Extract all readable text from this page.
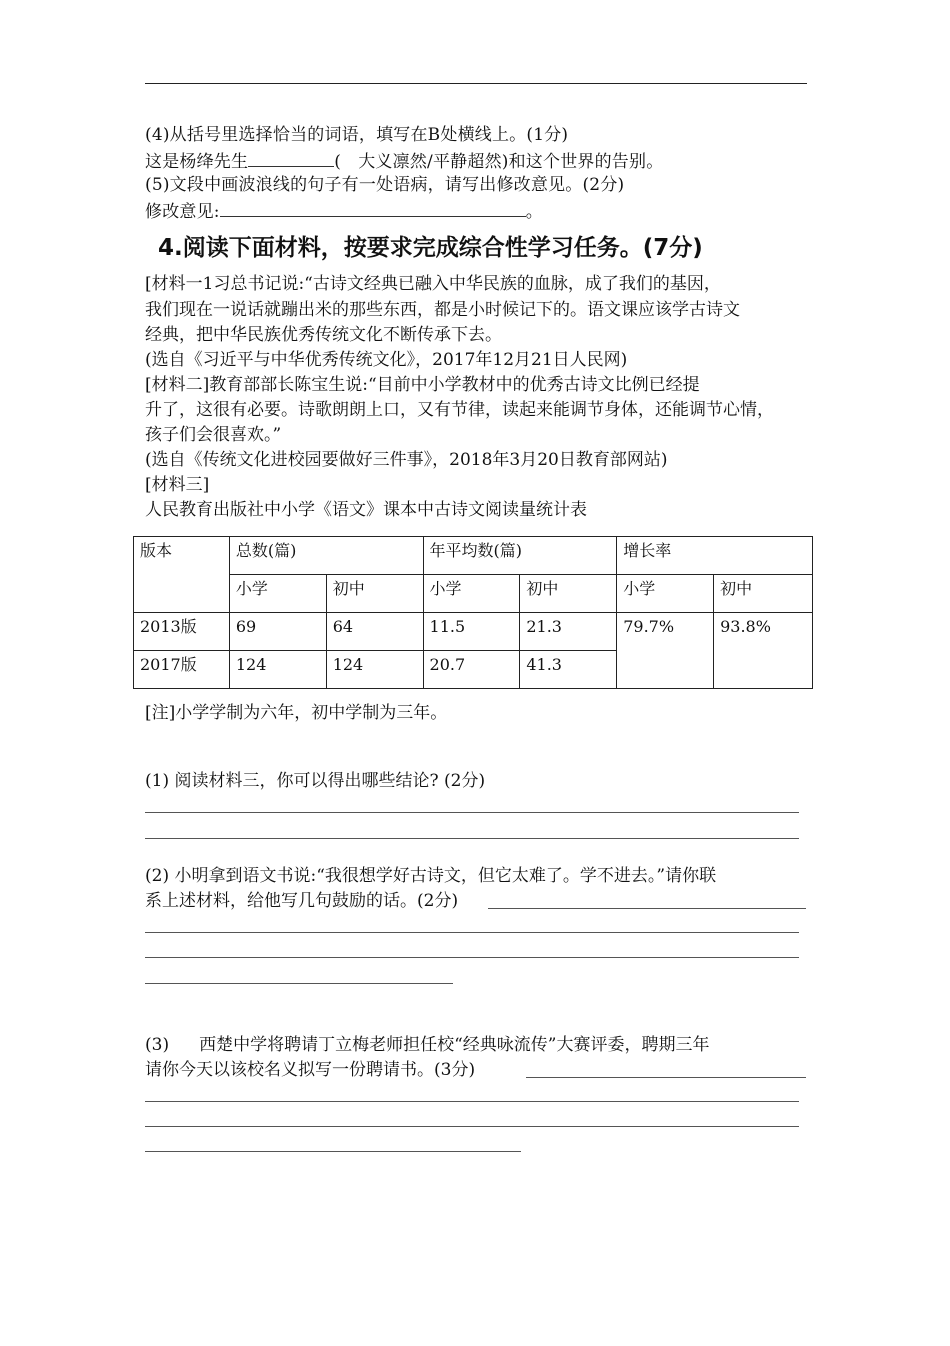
(4)从括号里选择恰当的词语，填写在B处横线上。(1分)
这是杨绛先生	(　大义凛然/平静超然)和这个世界的告别。
(5)文段中画波浪线的句子有一处语病，请写出修改意见。(2分)
修改意见:	。
4.阅读下面材料，按要求完成综合性学习任务。(7分)
[材料一1习总书记说:“古诗文经典已融入中华民族的血脉，成了我们的基因，
我们现在一说话就蹦出米的那些东西，都是小时候记下的。语文课应该学古诗文
经典，把中华民族优秀传统文化不断传承下去。
(选自《习近平与中华优秀传统文化》，2017年12月21日人民网)
[材料二]教育部部长陈宝生说:“目前中小学教材中的优秀古诗文比例已经提
升了，这很有必要。诗歌朗朗上口，又有节律，读起来能调节身体，还能调节心情，
孩子们会很喜欢。”
(选自《传统文化进校园要做好三件事》，2018年3月20日教育部网站)
[材料三]
人民教育出版社中小学《语文》课本中古诗文阅读量统计表
版本	总数(篇)		年平均数(篇)		增长率	
	小学	初中	小学	初中	小学	初中
2013版	69	64	11.5	21.3	79.7%	93.8%
2017版	124	124	20.7	41.3		
[注]小学学制为六年，初中学制为三年。
(1) 阅读材料三，你可以得出哪些结论? (2分)
(2) 小明拿到语文书说:“我很想学好古诗文，但它太难了。学不进去。”请你联
系上述材料，给他写几句鼓励的话。(2分)
(3) 西楚中学将聘请丁立梅老师担任校“经典咏流传”大赛评委，聘期三年
请你今天以该校名义拟写一份聘请书。(3分)
